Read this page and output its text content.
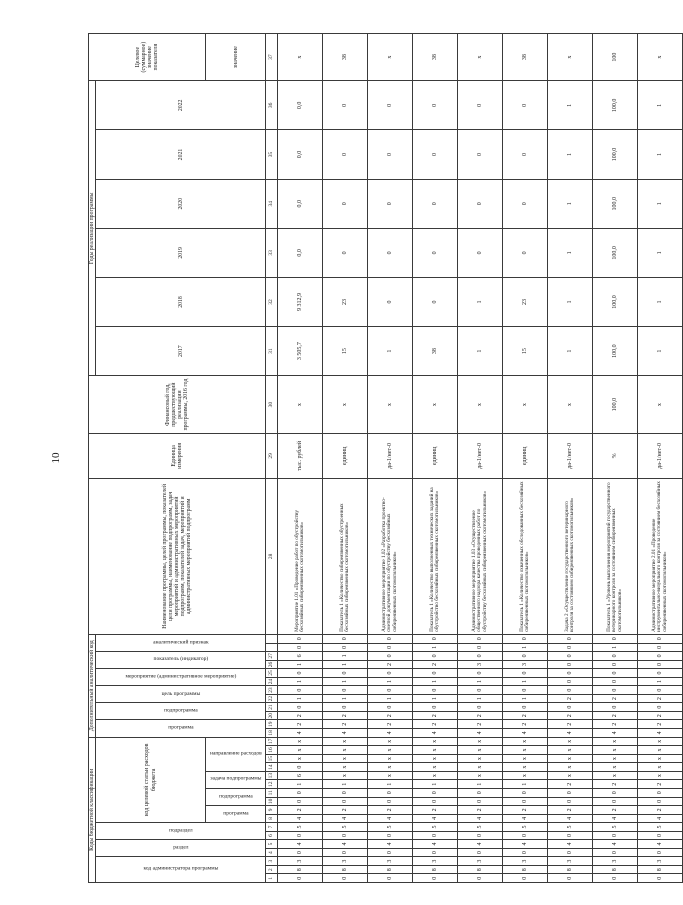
10
Коды бюджетной классификации																	Дополнительный аналитический код												Наименование программы, целей программы, показателей цели программы, наименование подпрограмм, задач мероприятий и административных мероприятий подпрограмм, показателей задач, мероприятий и административных мероприятий подпрограмм	Единица измерения	Финансовый год, предшествующий реализации программы, 2016 год	Годы реализации программы						Целевое (суммарное) значение показателя

код администратора программы			раздел		подраздел		код целевой статьи расходов бюджета										программа		подпрограмма		цель программы		мероприятие (административное мероприятие)		показатель (индикатор)		аналитический признак					2017	2018	2019	2020	2021	2022	

							программа		подпрограмма		задача подпрограммы		направление расходов																									значение
1	2	3	4	5	6	7	8	9	10	11	12	13	14	15	16	17	18	19	20	21	22	23	24	25	26	27			28	29	30	31	32	33	34	35	36	37
0	8	3	0	4	0	5	4	2	0	0	1	6	0	x	x	x	4	2	2	0	1	0	1	0	1	6	0	0	Мероприятие 1.01 «Проведение работ по обустройству бесхозяйных сибиреязвенных скотомогильников»	тыс. рублей	x	3 505,7	9 312,9	0,0	0,0	0,0	0,0	x
0	8	3	0	4	0	5	4	2	0	0	1	x	x	x	x	x	4	2	2	0	1	0	1	0	1	1	0	0	Показатель 1 «Количество сибиреязвенных обустроенных бесхозяйных сибиреязвенных скотомогильников»	единиц	x	15	23	0	0	0	0	38
0	8	3	0	4	0	5	4	2	0	0	1	x	x	x	x	x	4	2	2	0	1	0	1	0	2	0	0	0	Административное мероприятие 1.02 «Разработка проектно-сметной документации по обустройству бесхозяйных сибиреязвенных скотомогильников»	да-1/нет-0	x	1	0	0	0	0	0	x
0	8	3	0	4	0	5	4	2	0	0	1	x	x	x	x	x	4	2	2	0	1	0	1	0	2	0	1	0	Показатель 1 «Количество выполненных технических заданий на обустройство бесхозяйных сибиреязвенных скотомогильников»	единиц	x	38	0	0	0	0	0	38
0	8	3	0	4	0	5	4	2	0	0	1	x	x	x	x	x	4	2	2	0	1	0	1	0	3	0	0	0	Административное мероприятие 1.03 «Осуществление общественного надзора качества проведенных работ по обустройству бесхозяйных сибиреязвенных скотомогильников»	да-1/нет-0	x	1	1	0	0	0	0	x
0	8	3	0	4	0	5	4	2	0	0	1	x	x	x	x	x	4	2	2	0	1	0	1	0	3	0	1	0	Показатель 1 «Количество охваченных обследованных бесхозяйных сибиреязвенных скотомогильников»	единиц	x	15	23	0	0	0	0	38
0	8	3	0	4	0	5	4	2	0	0	2	x	x	x	x	x	4	2	2	0	2	0	0	0	0	0	0	0	Задача 2 «Осуществление государственного ветеринарного контроля за состоянием сибиреязвенных скотомогильников»	да-1/нет-0	x	1	1	1	1	1	1	x
0	8	3	0	4	0	5	4	2	0	0	2	x	x	x	x	x	4	2	2	0	2	0	0	0	0	0	1	0	Показатель 1 «Уровень выполнения мероприятий государственного ветеринарного контроля за состоянием сибиреязвенных скотомогильников»	%	100,0	100,0	100,0	100,0	100,0	100,0	100,0	100
0	8	3	0	4	0	5	4	2	0	0	2	x	x	x	x	x	4	2	2	0	2	0	1	0	0	0	0	0	Административное мероприятие 2.01 «Проведение инструментально-визуального контроля за состоянием бесхозяйных сибиреязвенных скотомогильников»	да-1/нет-0	x	1	1	1	1	1	1	x
